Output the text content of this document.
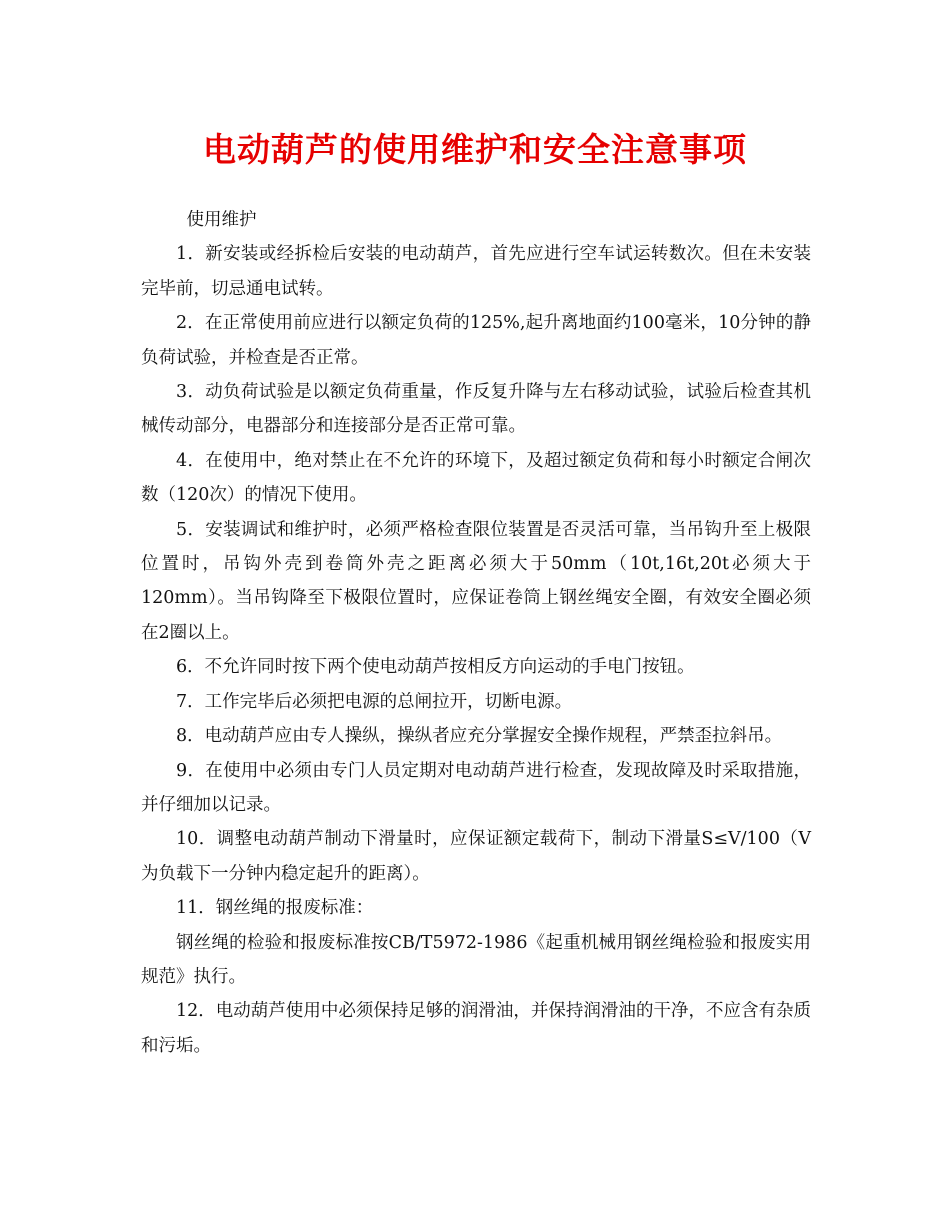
电动葫芦的使用维护和安全注意事项

使用维护

1．新安装或经拆检后安装的电动葫芦，首先应进行空车试运转数次。但在未安装完毕前，切忌通电试转。

2．在正常使用前应进行以额定负荷的125%,起升离地面约100毫米，10分钟的静负荷试验，并检查是否正常。

3．动负荷试验是以额定负荷重量，作反复升降与左右移动试验，试验后检查其机械传动部分，电器部分和连接部分是否正常可靠。

4．在使用中，绝对禁止在不允许的环境下，及超过额定负荷和每小时额定合闸次数（120次）的情况下使用。

5．安装调试和维护时，必须严格检查限位装置是否灵活可靠，当吊钩升至上极限位置时，吊钩外壳到卷筒外壳之距离必须大于50mm（10t,16t,20t必须大于120mm）。当吊钩降至下极限位置时，应保证卷筒上钢丝绳安全圈，有效安全圈必须在2圈以上。

6．不允许同时按下两个使电动葫芦按相反方向运动的手电门按钮。

7．工作完毕后必须把电源的总闸拉开，切断电源。

8．电动葫芦应由专人操纵，操纵者应充分掌握安全操作规程，严禁歪拉斜吊。

9．在使用中必须由专门人员定期对电动葫芦进行检查，发现故障及时采取措施，并仔细加以记录。

10．调整电动葫芦制动下滑量时，应保证额定载荷下，制动下滑量S≤V/100（V为负载下一分钟内稳定起升的距离）。

11．钢丝绳的报废标准：

钢丝绳的检验和报废标准按CB/T5972-1986《起重机械用钢丝绳检验和报废实用规范》执行。

12．电动葫芦使用中必须保持足够的润滑油，并保持润滑油的干净，不应含有杂质和污垢。
